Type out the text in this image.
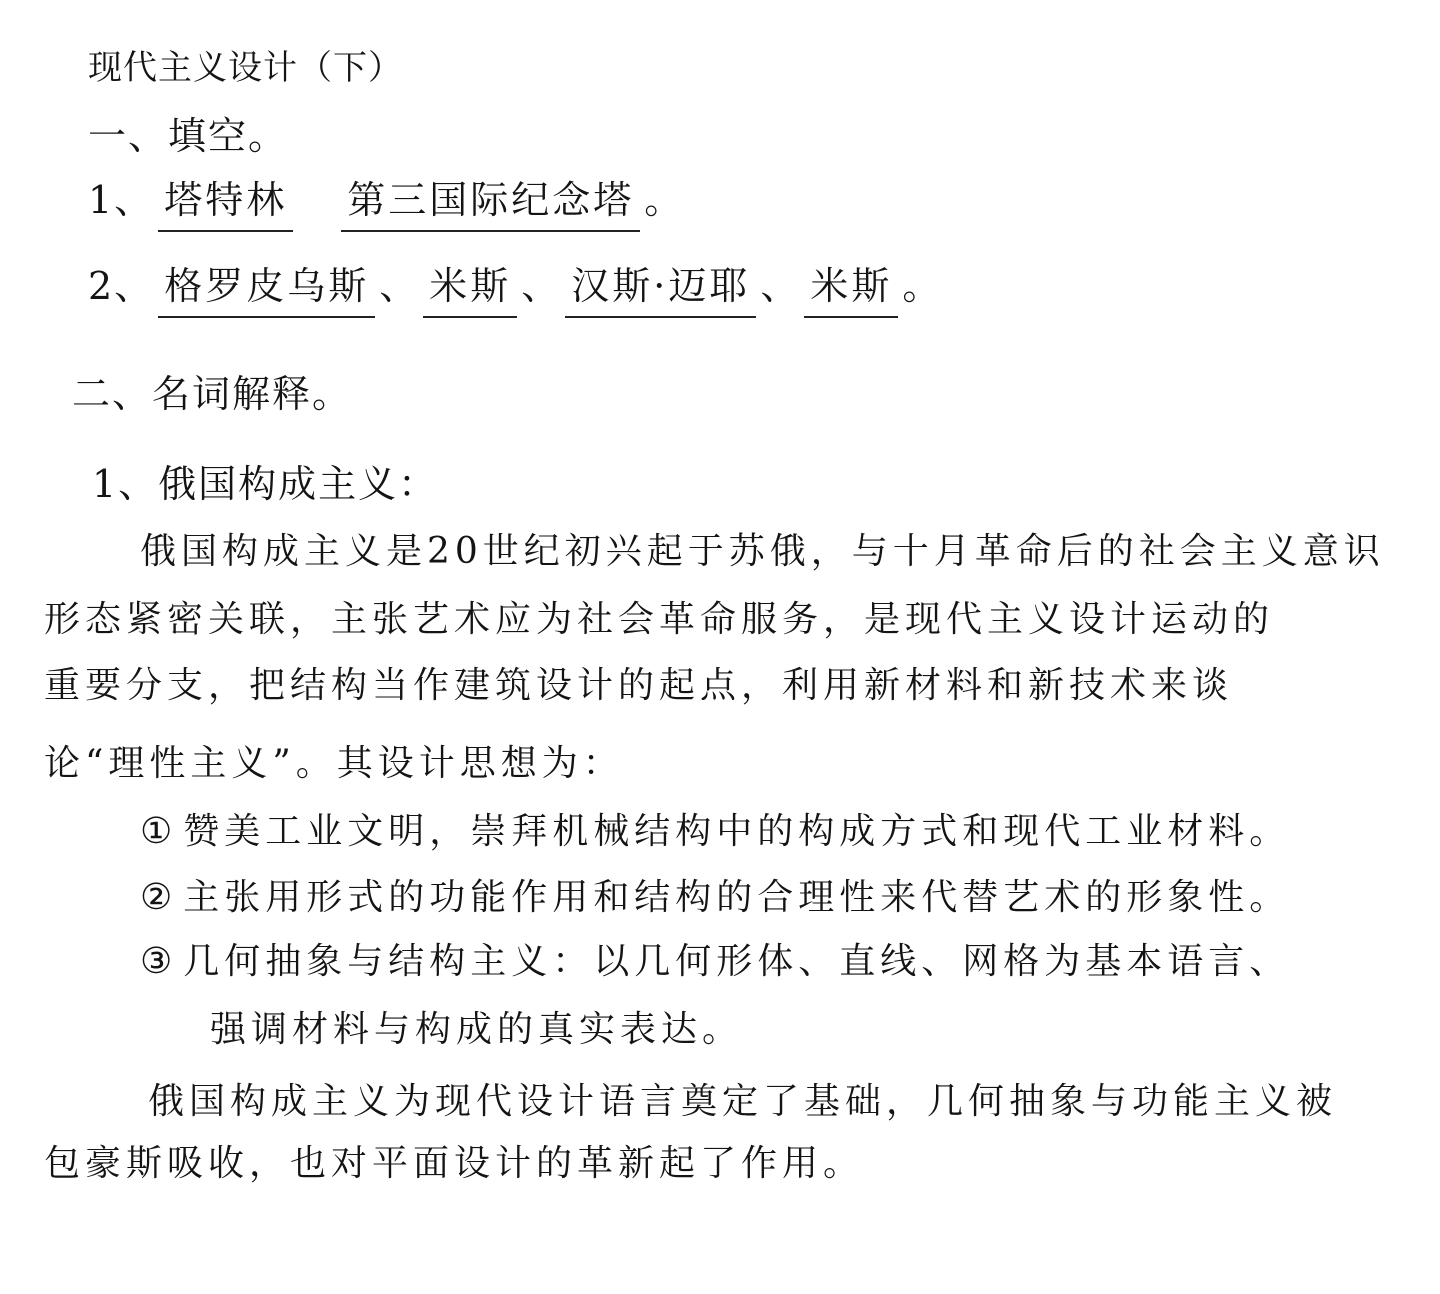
现代主义设计（下）
一、填空。
1、 塔特林 第三国际纪念塔 。
2、 格罗皮乌斯 、 米斯 、 汉斯·迈耶 、 米斯 。
二、名词解释。
1、俄国构成主义：
俄国构成主义是20世纪初兴起于苏俄，与十月革命后的社会主义意识
形态紧密关联，主张艺术应为社会革命服务，是现代主义设计运动的
重要分支，把结构当作建筑设计的起点，利用新材料和新技术来谈
论“理性主义”。其设计思想为：
① 赞美工业文明，崇拜机械结构中的构成方式和现代工业材料。
② 主张用形式的功能作用和结构的合理性来代替艺术的形象性。
③ 几何抽象与结构主义：以几何形体、直线、网格为基本语言、
强调材料与构成的真实表达。
俄国构成主义为现代设计语言奠定了基础，几何抽象与功能主义被
包豪斯吸收，也对平面设计的革新起了作用。
